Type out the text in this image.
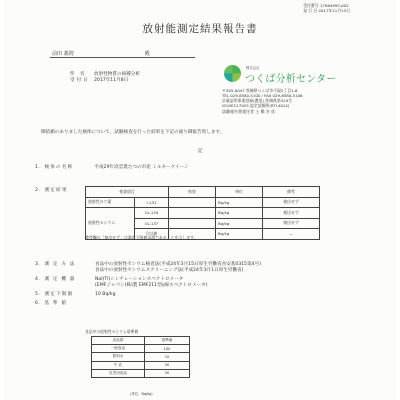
受付番号 17064995-002
発 行 日 2017年11月13日
放射能測定結果報告書
前田 義則	殿
件 名 放射性物質の核種分析
受付日 2017年11月8日
株式会社
つくば分析センター
〒305-0047 茨城県つくば市千現2丁目1-6
TEL 029-8580-5100 / FAX 029-8580-5106
計量証明事業登録(濃度) 茨城県第324号
ISO/IEC17025 認定試験所(RTL4014)
試験報告書責任者 土 橋 杏 佑
御依頼のありました検体について、試験検査を行った結果を下記の通り御報告致します。
記
1. 検体の名称	平成29年高雲農たつの市産 ミルキークイーン
2. 測定結果	検査項目		結果	単位	備考
放射性ヨウ素	I-131		Bq/kg	検出せず
放射性セシウム	Cs-134		Bq/kg	検出せず
	Cs-137		Bq/kg	検出せず
	合計値		Bq/kg	—
備考欄の「検出せず」は測定下限値未満であることを示します。
3. 測 定 方 法	食品中の放射性セシウム検査法(平成24年3月15日厚生労働省食安基0315第4号)
食品中の放射性セシウムスクリーニング法(平成24年3月1日厚生労働省)
4. 測 定 機 器	NaI(Tl)シンチレーションスペクトロメータ
(EMFジャパン(株)製 EMF211型γ線スペクトロメータ)
5. 測定下限値	10 Bq/kg
6. 基 準 値
食品中の放射性セシウム基準値
食品群	基準値
一般食品	100
飲料水	10
牛 乳	50
乳児用食品	50
(単位：Bq/kg)
